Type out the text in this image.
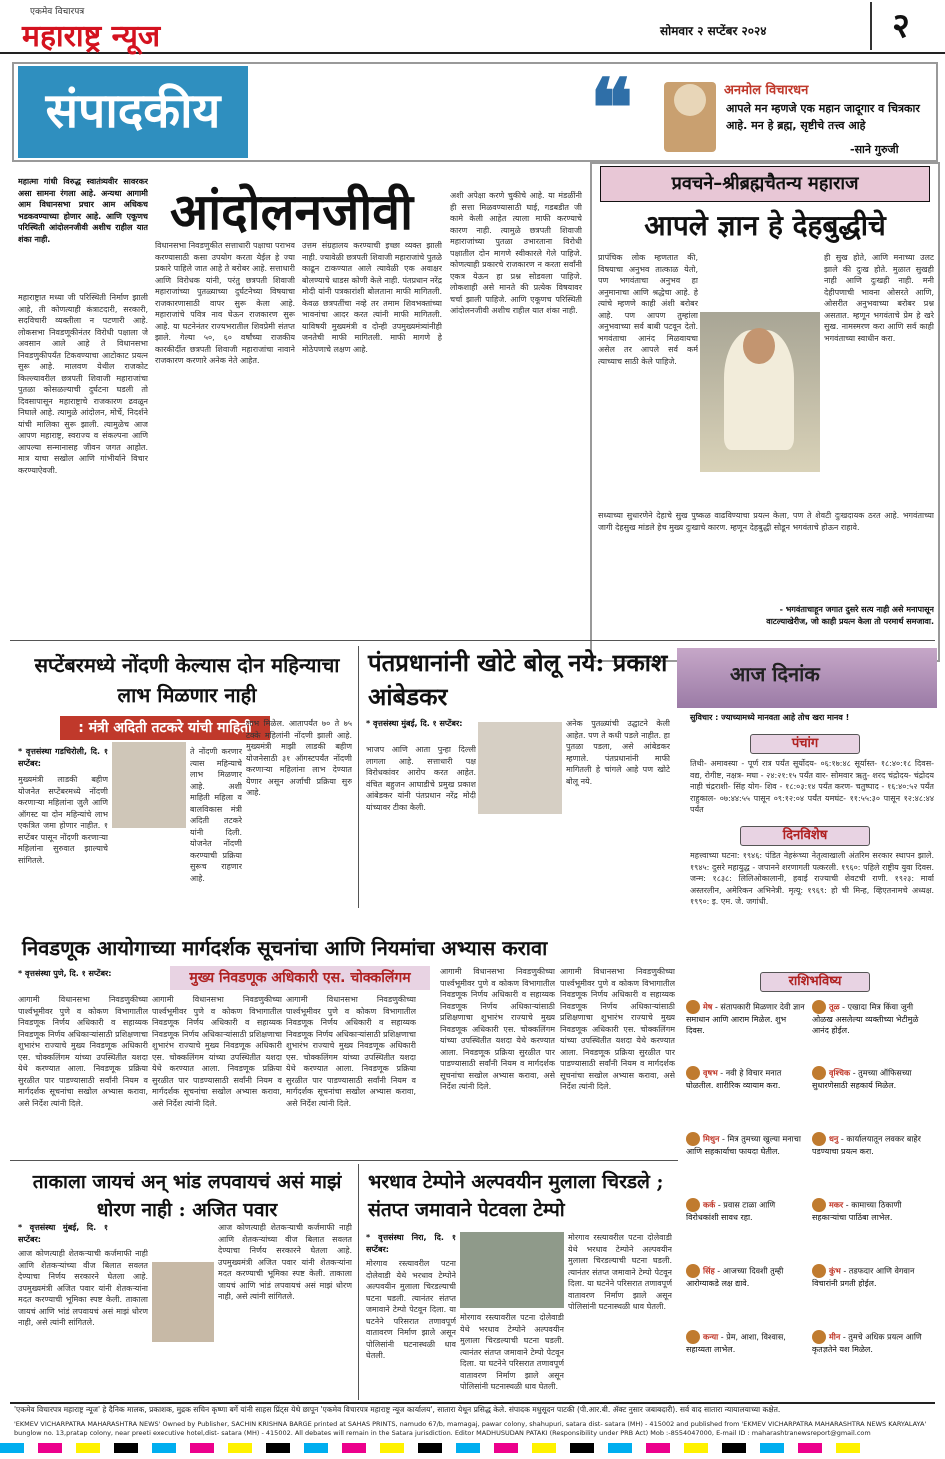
एकमेव विचारपत्र
महाराष्ट्र न्यूज	सोमवार २ सप्टेंबर २०२४	२
संपादकीय	❝	अनमोल विचारधन
आपले मन म्हणजे एक महान जादूगार व चित्रकार आहे. मन हे ब्रह्म, सृष्टीचे तत्त्व आहे
-साने गुरुजी
महात्मा गांधी विरुद्ध स्वातंत्र्यवीर सावरकर असा सामना रंगला आहे. अन्यथा आगामी आम विधानसभा प्रचार आम अधिकच भडकवण्याच्या होणार आहे. आणि एकूणच परिस्थिती आंदोलनजीवी अशीच राहील यात शंका नाही.	आंदोलनजीवी
महाराष्ट्रात मध्या जी परिस्थिती निर्माण झाली आहे, ती कोणत्याही कंत्राटदारी, सरकारी, सदविचारी व्यक्तीला न पटणारी आहे. लोकसभा निवडणूकीनंतर विरोधी पक्षाला जे अवसान आले आहे ते विधानसभा निवडणुकीपर्यंत टिकवण्याचा आटोकाट प्रयत्न सुरू आहे. मालवण येथील राजकोट किल्ल्यावरील छत्रपती शिवाजी महाराजांचा पुतळा कोसळल्याची दुर्घटना घडली तो दिवसापासून महाराष्ट्राचे राजकारण ढवळून निघाले आहे. त्यामुळे आंदोलन, मोर्चे, निदर्शने यांची मालिका सुरू झाली. त्यामुळेच आज आपण महाराष्ट्र, स्वराज्य व संकल्पना आणि आपल्या सन्मानासह जीवन जगत आहोत. मात्र याचा सखोल आणि गांभीर्याने विचार करण्याऐवजी.
विधानसभा निवडणुकीत सत्ताधारी पक्षाचा पराभव करण्यासाठी कसा उपयोग करता येईल हे ज्या प्रकारे पाहिले जात आहे ते बरोबर आहे. सत्ताधारी आणि विरोधक यांनी, परंतु छत्रपती शिवाजी महाराजांच्या पुतळ्याच्या दुर्घटनेच्या विषयाचा राजकारणासाठी वापर सुरू केला आहे. महाराजांचे पवित्र नाव घेऊन राजकारण सुरू आहे. या घटनेनंतर राज्यभरातील शिवप्रेमी संतप्त झाले. गेल्या ५०, ६० वर्षांच्या राजकीय कारकीर्दीत छत्रपती शिवाजी महाराजांचा नावाने राजकारण करणारे अनेक नेते आहेत.
उत्तम संग्रहालय करण्याची इच्छा व्यक्त झाली नाही. ज्यावेळी छत्रपती शिवाजी महाराजांचे पुतळे काढून टाकण्यात आले त्यावेळी एक अवाक्षर बोलण्याचे धाडस कोणी केले नाही. पंतप्रधान नरेंद्र मोदी यांनी पत्रकारांशी बोलताना माफी मागितली. केवळ छत्रपतींचा नव्हे तर तमाम शिवभक्तांच्या भावनांचा आदर करत त्यांनी माफी मागितली. याविषयी मुख्यमंत्री व दोन्ही उपमुख्यमंत्र्यांनीही जनतेची माफी मागितली. माफी मागणे हे मोठेपणाचे लक्षण आहे.
अशी अपेक्षा करणे चुकीचे आहे. या मंडळींनी ही सत्ता मिळवण्यासाठी घाई, गडबडीत जी कामे केली आहेत त्याला माफी करण्याचे कारण नाही. त्यामुळे छत्रपती शिवाजी महाराजांच्या पुतळा उभारताना विरोधी पक्षातील दोन मागणे स्वीकारले गेले पाहिजे. कोणत्याही प्रकारचे राजकारण न करता सर्वांनी एकत्र येऊन हा प्रश्न सोडवला पाहिजे. लोकशाही असे मानते की प्रत्येक विषयावर चर्चा झाली पाहिजे. आणि एकूणच परिस्थिती आंदोलनजीवी अशीच राहील यात शंका नाही.
प्रवचने–श्रीब्रह्मचैतन्य महाराज
आपले ज्ञान हे देहबुद्धीचे
प्रापंचिक लोक म्हणतात की, विषयाचा अनुभव तात्काळ येतो, पण भगवंताचा अनुभव हा अनुमानाचा आणि श्रद्धेचा आहे. हे त्यांचे म्हणणे काही अंशी बरोबर आहे. पण आपण तुम्हांला अनुभवाच्या सर्व बाबी पटवून देतो. भगवंताचा आनंद मिळवायचा असेल तर आपले सर्व कर्म त्याच्याच साठी केले पाहिजे.
ही सुख होते, आणि मनाच्या उलट झाले की दुःख होते. मुळात सुखही नाही आणि दुःखही नाही. मनी देहीपणाची भावना ओसरते आणि, ओसरीत अनुभवाच्या बरोबर प्रश्न असतात. म्हणून भगवंताचे प्रेम हे खरे सुख. नामस्मरण करा आणि सर्व काही भगवंताच्या स्वाधीन करा.
सध्याच्या सुधारणेने देहाचे सुख पुष्कळ वाढविण्याचा प्रयत्न केला, पण ते शेवटी दुःखदायक ठरत आहे. भगवंताच्या जागी देहसुख मांडले हेच मुख्य दुःखाचे कारण. म्हणून देहबुद्धी सोडून भगवंताचे होऊन राहावे.
- भगवंताचाहून जगात दुसरे सत्य नाही असे मनापासून वाटल्याखेरीज, जो काही प्रयत्न केला तो परमार्थ समजावा.
सप्टेंबरमध्ये नोंदणी केल्यास दोन महिन्याचा लाभ मिळणार नाही
: मंत्री अदिती तटकरे यांची माहिती
* वृत्तसंस्था गडचिरोली, दि. १ सप्टेंबर:
मुख्यमंत्री लाडकी बहीण योजनेत सप्टेंबरमध्ये नोंदणी करणाऱ्या महिलांना जुलै आणि ऑगस्ट या दोन महिन्यांचे लाभ एकत्रित जमा होणार नाहीत. १ सप्टेंबर पासून नोंदणी करणाऱ्या महिलांना सुरुवात झाल्याचे सांगितले.
ते नोंदणी करणार त्यास महिन्याचे लाभ मिळणार आहे. अशी माहिती महिला व बालविकास मंत्री अदिती तटकरे यांनी दिली. योजनेत नोंदणी करण्याची प्रक्रिया सुरूच राहणार आहे.
लाभ मिळेल. आतापर्यंत ७० ते ७५ टक्के महिलांनी नोंदणी झाली आहे. मुख्यमंत्री माझी लाडकी बहीण योजनेसाठी ३१ ऑगस्टपर्यंत नोंदणी करणाऱ्या महिलांना लाभ देण्यात येणार असून अर्जाची प्रक्रिया सुरु आहे.
पंतप्रधानांनी खोटे बोलू नये: प्रकाश आंबेडकर
* वृत्तसंस्था मुंबई, दि. १ सप्टेंबर:
भाजप आणि आता पुन्हा दिल्ली लागला आहे. सत्ताधारी पक्ष विरोधकांवर आरोप करत आहेत. वंचित बहुजन आघाडीचे प्रमुख प्रकाश आंबेडकर यांनी पंतप्रधान नरेंद्र मोदी यांच्यावर टीका केली.
अनेक पुतळ्यांची उद्घाटने केली आहेत. पण ते कधी पडले नाहीत. हा पुतळा पडला, असे आंबेडकर म्हणाले. पंतप्रधानांनी माफी मागितली हे चांगले आहे पण खोटे बोलू नये.
आज दिनांक
सुविचार : ज्याच्यामध्ये मानवता आहे तोच खरा मानव !
पंचांग
तिथी- अमावस्या - पूर्ण रात्र पर्यंत सूर्योदय- ०६:१७:४८ सूर्यास्त- १८:४०:१८ दिवस- वद्य, रोगीष्ट, नक्षत्र- मघा - २४:२१:१५ पर्यंत वार- सोमवार ऋतु- शरद चंद्रोदय- चंद्रोदय नाही चंद्रराशी- सिंह योग- शिव - १८:०३:१४ पर्यंत करण- चतुष्पाद - १६:४०:५२ पर्यंत राहुकाल- ०७:४४:५५ पासून ०९:१२:०४ पर्यंत यमघंट- ११:५५:३० पासून १२:४८:४४ पर्यंत
दिनविशेष
महत्त्वाच्या घटना: १९४६: पंडित नेहरूंच्या नेतृत्वाखाली अंतरिम सरकार स्थापन झाले. १९४५: दुसरे महायुद्ध - जपानने शरणागती पत्करली. १९६०: पहिले राष्ट्रीय युवा दिवस. जन्म: १८३८: लिलिओकालानी, हवाई राज्याची शेवटची राणी. १९२३: मार्वा अस्तरलीन, अमेरिकन अभिनेत्री. मृत्यू: १९६९: हो ची मिन्ह, व्हिएतनामचे अध्यक्ष. १९९०: इ. एम. जे. जगांधी.
राशिभविष्य
मेष - संतापकारी मिळणार देवी ज्ञान समाधान आणि आराम मिळेल. शुभ दिवस.
तूळ - एखादा मित्र किंवा जुनी ओळख असलेल्या व्यक्तीच्या भेटीमुळे आनंद होईल.
वृषभ - नवी हे विचार मनात घोळतील. शारीरिक व्यायाम करा.
वृश्चिक - तुमच्या ऑफिसच्या सुधारणेसाठी सहकार्य मिळेल.
मिथुन - मित्र तुमच्या खुल्या मनाचा आणि सहकार्याचा फायदा घेतील.
धनु - कार्यालयातून लवकर बाहेर पडण्याचा प्रयत्न करा.
कर्क - प्रवास टाळा आणि विरोधकांशी सावध रहा.
मकर - कामाच्या ठिकाणी सहकाऱ्यांचा पाठिंबा लाभेल.
सिंह - आजच्या दिवशी तुम्ही आरोग्याकडे लक्ष द्यावे.
कुंभ - तडफदार आणि वेगवान विचारांनी प्रगती होईल.
कन्या - प्रेम, आशा, विश्वास, सहाय्यता लाभेल.
मीन - तुमचे अधिक प्रयत्न आणि कृतज्ञतेने यश मिळेल.
निवडणूक आयोगाच्या मार्गदर्शक सूचनांचा आणि नियमांचा अभ्यास करावा
मुख्य निवडणूक अधिकारी एस. चोक्कलिंगम
* वृत्तसंस्था पुणे, दि. १ सप्टेंबर:
आगामी विधानसभा निवडणुकीच्या पार्श्वभूमीवर पुणे व कोकण विभागातील निवडणूक निर्णय अधिकारी व सहाय्यक निवडणूक निर्णय अधिकाऱ्यांसाठी प्रशिक्षणाचा शुभारंभ राज्याचे मुख्य निवडणूक अधिकारी एस. चोक्कलिंगम यांच्या उपस्थितीत यशदा येथे करण्यात आला. निवडणूक प्रक्रिया सुरळीत पार पाडण्यासाठी सर्वांनी नियम व मार्गदर्शक सूचनांचा सखोल अभ्यास करावा, असे निर्देश त्यांनी दिले.
आगामी विधानसभा निवडणुकीच्या पार्श्वभूमीवर पुणे व कोकण विभागातील निवडणूक निर्णय अधिकारी व सहाय्यक निवडणूक निर्णय अधिकाऱ्यांसाठी प्रशिक्षणाचा शुभारंभ राज्याचे मुख्य निवडणूक अधिकारी एस. चोक्कलिंगम यांच्या उपस्थितीत यशदा येथे करण्यात आला. निवडणूक प्रक्रिया सुरळीत पार पाडण्यासाठी सर्वांनी नियम व मार्गदर्शक सूचनांचा सखोल अभ्यास करावा, असे निर्देश त्यांनी दिले.
आगामी विधानसभा निवडणुकीच्या पार्श्वभूमीवर पुणे व कोकण विभागातील निवडणूक निर्णय अधिकारी व सहाय्यक निवडणूक निर्णय अधिकाऱ्यांसाठी प्रशिक्षणाचा शुभारंभ राज्याचे मुख्य निवडणूक अधिकारी एस. चोक्कलिंगम यांच्या उपस्थितीत यशदा येथे करण्यात आला. निवडणूक प्रक्रिया सुरळीत पार पाडण्यासाठी सर्वांनी नियम व मार्गदर्शक सूचनांचा सखोल अभ्यास करावा, असे निर्देश त्यांनी दिले.
आगामी विधानसभा निवडणुकीच्या पार्श्वभूमीवर पुणे व कोकण विभागातील निवडणूक निर्णय अधिकारी व सहाय्यक निवडणूक निर्णय अधिकाऱ्यांसाठी प्रशिक्षणाचा शुभारंभ राज्याचे मुख्य निवडणूक अधिकारी एस. चोक्कलिंगम यांच्या उपस्थितीत यशदा येथे करण्यात आला. निवडणूक प्रक्रिया सुरळीत पार पाडण्यासाठी सर्वांनी नियम व मार्गदर्शक सूचनांचा सखोल अभ्यास करावा, असे निर्देश त्यांनी दिले.
आगामी विधानसभा निवडणुकीच्या पार्श्वभूमीवर पुणे व कोकण विभागातील निवडणूक निर्णय अधिकारी व सहाय्यक निवडणूक निर्णय अधिकाऱ्यांसाठी प्रशिक्षणाचा शुभारंभ राज्याचे मुख्य निवडणूक अधिकारी एस. चोक्कलिंगम यांच्या उपस्थितीत यशदा येथे करण्यात आला. निवडणूक प्रक्रिया सुरळीत पार पाडण्यासाठी सर्वांनी नियम व मार्गदर्शक सूचनांचा सखोल अभ्यास करावा, असे निर्देश त्यांनी दिले.
ताकाला जायचं अन् भांड लपवायचं असं माझं धोरण नाही : अजित पवार
* वृत्तसंस्था मुंबई, दि. १ सप्टेंबर:
आज कोणत्याही शेतकऱ्याची कर्जमाफी नाही आणि शेतकऱ्यांच्या वीज बिलात सवलत देण्याचा निर्णय सरकारने घेतला आहे. उपमुख्यमंत्री अजित पवार यांनी शेतकऱ्यांना मदत करण्याची भूमिका स्पष्ट केली. ताकाला जायचं आणि भांडं लपवायचं असं माझं धोरण नाही, असे त्यांनी सांगितले.
आज कोणत्याही शेतकऱ्याची कर्जमाफी नाही आणि शेतकऱ्यांच्या वीज बिलात सवलत देण्याचा निर्णय सरकारने घेतला आहे. उपमुख्यमंत्री अजित पवार यांनी शेतकऱ्यांना मदत करण्याची भूमिका स्पष्ट केली. ताकाला जायचं आणि भांडं लपवायचं असं माझं धोरण नाही, असे त्यांनी सांगितले.
भरधाव टेम्पोने अल्पवयीन मुलाला चिरडले ; संतप्त जमावाने पेटवला टेम्पो
* वृत्तसंस्था निरा, दि. १ सप्टेंबर:
मोरगाव रस्त्यावरील पटना दोलेवाडी येथे भरधाव टेम्पोने अल्पवयीन मुलाला चिरडल्याची घटना घडली. त्यानंतर संतप्त जमावाने टेम्पो पेटवून दिला. या घटनेने परिसरात तणावपूर्ण वातावरण निर्माण झाले असून पोलिसांनी घटनास्थळी धाव घेतली.
मोरगाव रस्त्यावरील पटना दोलेवाडी येथे भरधाव टेम्पोने अल्पवयीन मुलाला चिरडल्याची घटना घडली. त्यानंतर संतप्त जमावाने टेम्पो पेटवून दिला. या घटनेने परिसरात तणावपूर्ण वातावरण निर्माण झाले असून पोलिसांनी घटनास्थळी धाव घेतली.
मोरगाव रस्त्यावरील पटना दोलेवाडी येथे भरधाव टेम्पोने अल्पवयीन मुलाला चिरडल्याची घटना घडली. त्यानंतर संतप्त जमावाने टेम्पो पेटवून दिला. या घटनेने परिसरात तणावपूर्ण वातावरण निर्माण झाले असून पोलिसांनी घटनास्थळी धाव घेतली.
'एकमेव विचारपत्र महाराष्ट्र न्यूज' हे दैनिक मालक, प्रकाशक, मुद्रक सचिन कृष्णा बर्गे यांनी साहस प्रिंट्स येथे छापून 'एकमेव विचारपत्र महाराष्ट्र न्यूज कार्यालय', सातारा येथून प्रसिद्ध केले. संपादक मधुसूदन पाटकी (पी.आर.बी. ॲक्ट नुसार जबाबदारी). सर्व वाद सातारा न्यायालयाच्या कक्षेत.
'EKMEV VICHARPATRA MAHARASHTRA NEWS' Owned by Publisher, SACHIN KRISHNA BARGE printed at SAHAS PRINTS, namudo 67/b, mamagaj, pawar colony, shahupuri, satara dist- satara (MH) - 415002 and published from 'EKMEV VICHARPATRA MAHARASHTRA NEWS KARYALAYA' bunglow no. 13,pratap colony, near preeti executive hotel,dist- satara (MH) - 415002. All debates will remain in the Satara jurisdiction. Editor MADHUSUDAN PATAKI (Responsibility under PRB Act) Mob :-8554047000, E-mail ID : maharashtranewsreport@gmail.com
